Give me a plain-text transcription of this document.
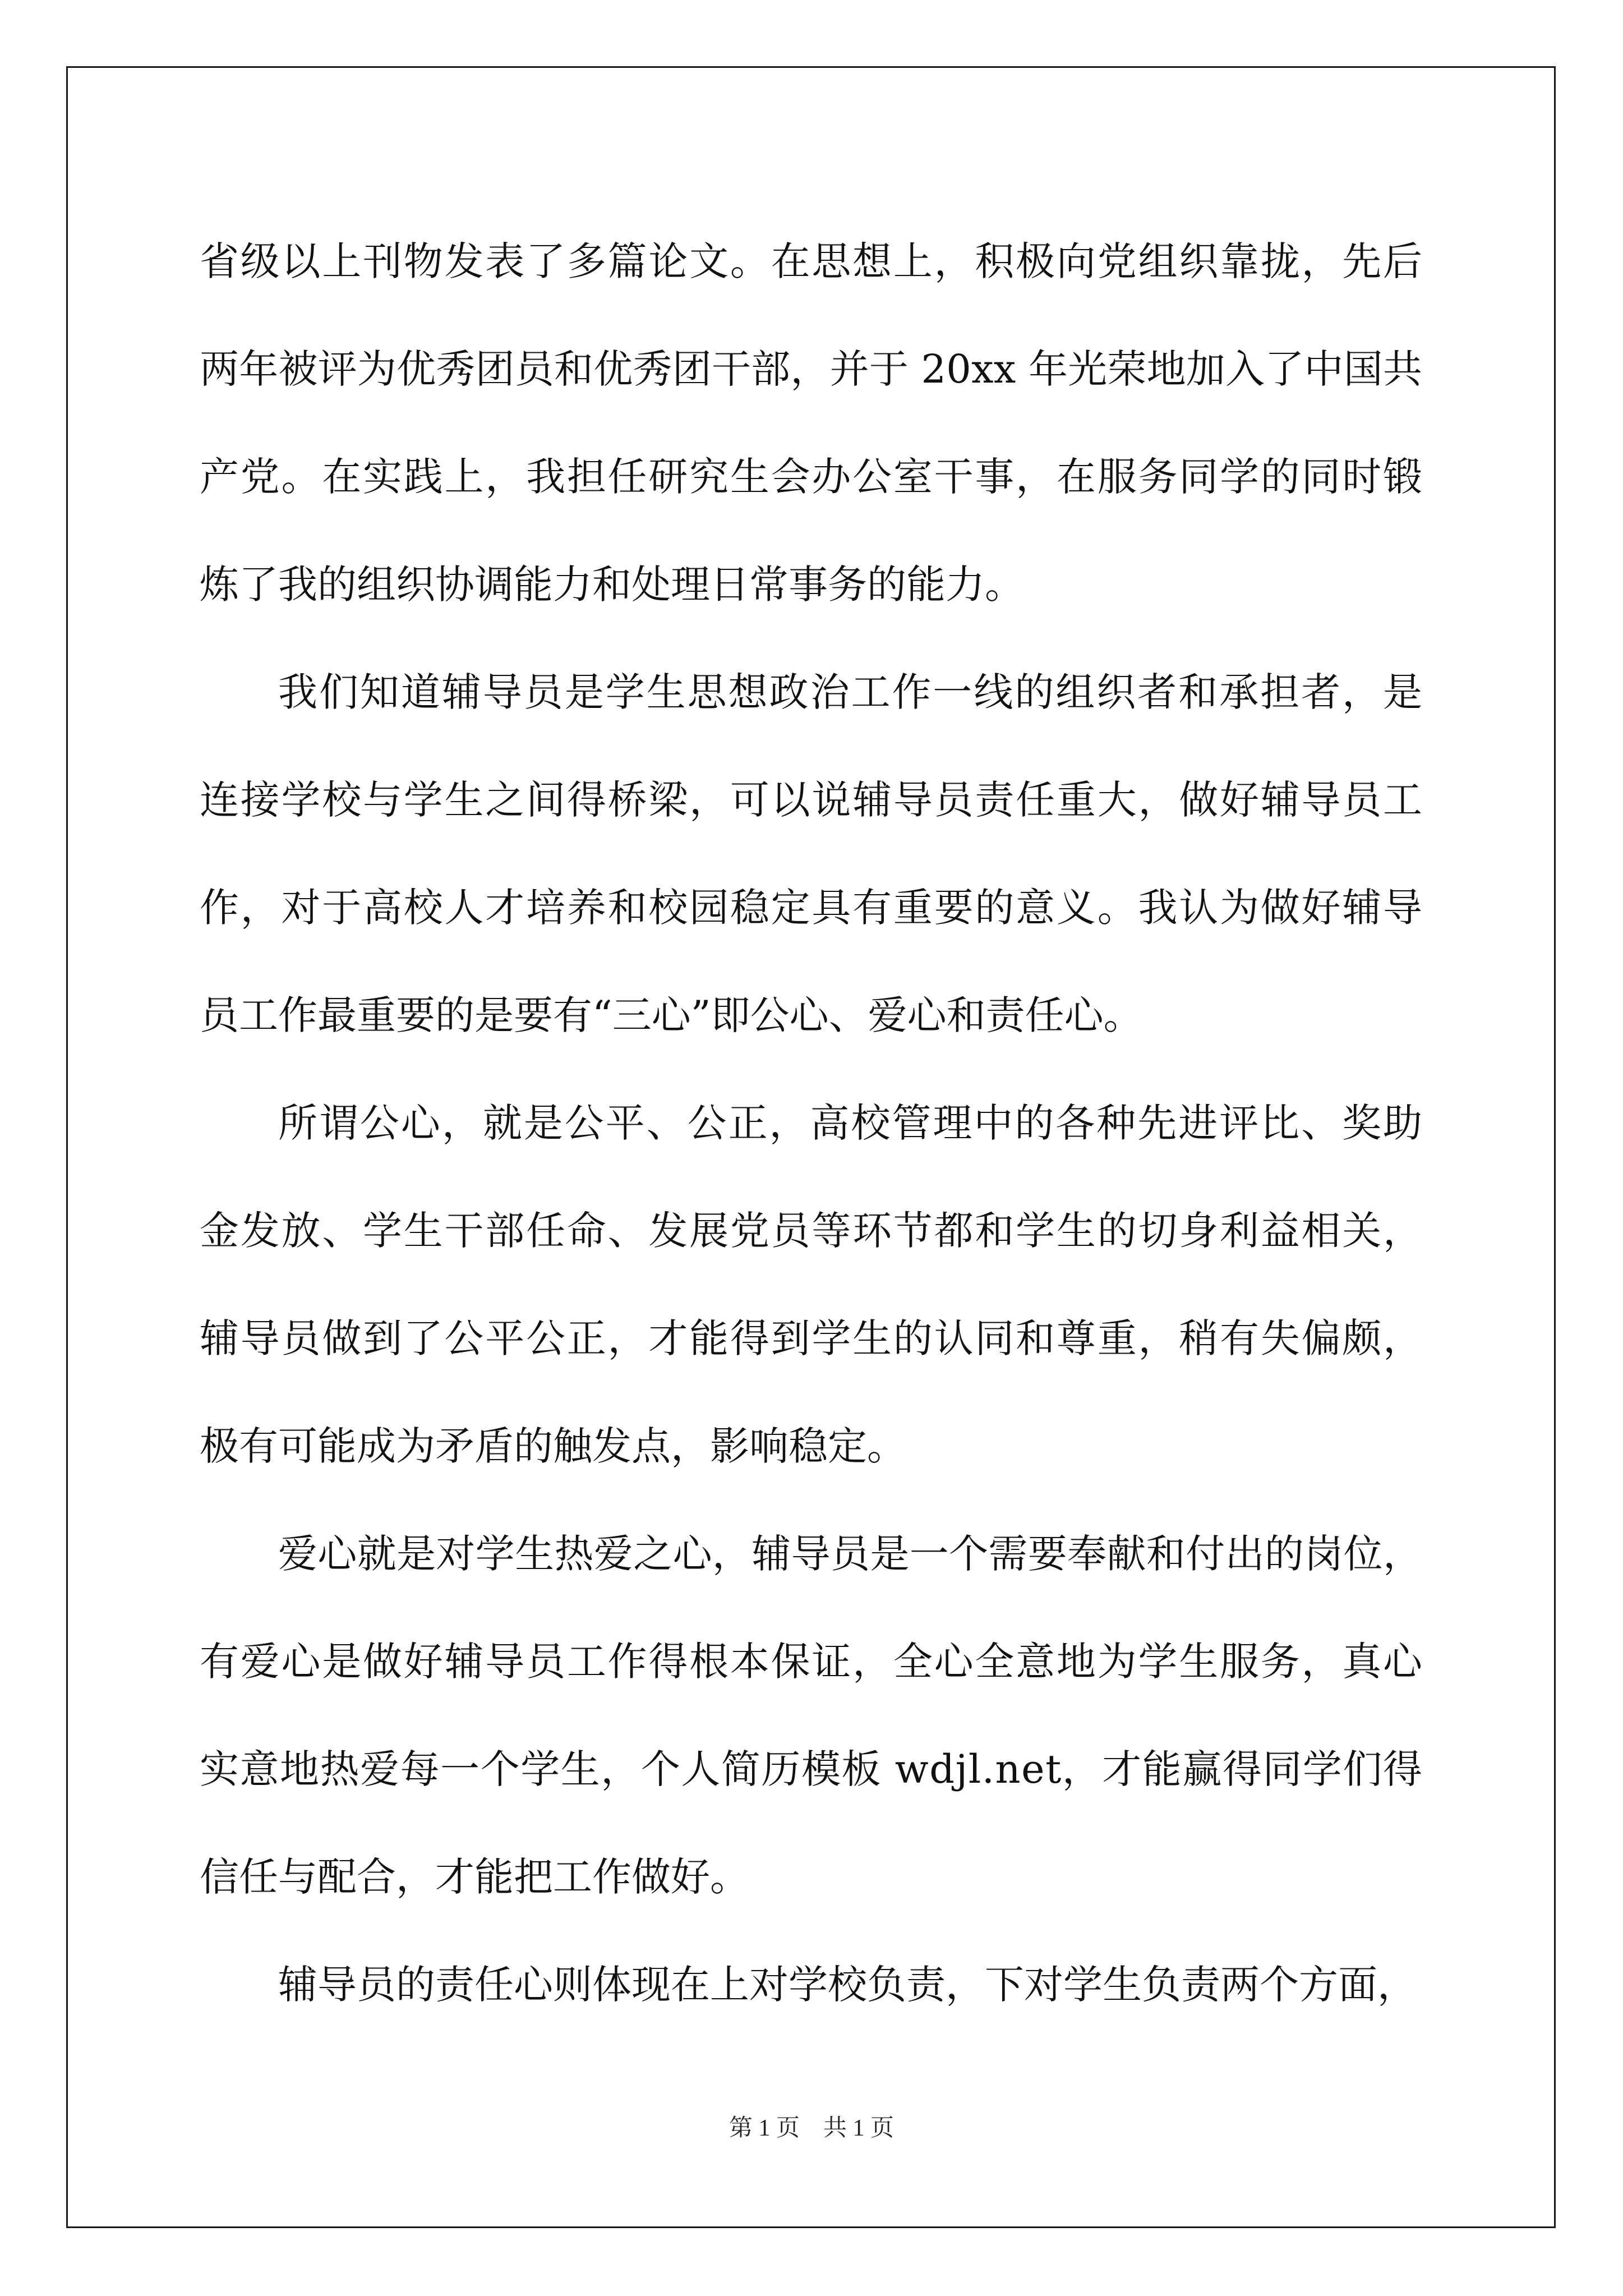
省级以上刊物发表了多篇论文。在思想上，积极向党组织靠拢，先后
两年被评为优秀团员和优秀团干部，并于 20xx 年光荣地加入了中国共
产党。在实践上，我担任研究生会办公室干事，在服务同学的同时锻
炼了我的组织协调能力和处理日常事务的能力。
我们知道辅导员是学生思想政治工作一线的组织者和承担者，是
连接学校与学生之间得桥梁，可以说辅导员责任重大，做好辅导员工
作，对于高校人才培养和校园稳定具有重要的意义。我认为做好辅导
员工作最重要的是要有“三心”即公心、爱心和责任心。
所谓公心，就是公平、公正，高校管理中的各种先进评比、奖助
金发放、学生干部任命、发展党员等环节都和学生的切身利益相关，
辅导员做到了公平公正，才能得到学生的认同和尊重，稍有失偏颇，
极有可能成为矛盾的触发点，影响稳定。
爱心就是对学生热爱之心，辅导员是一个需要奉献和付出的岗位，
有爱心是做好辅导员工作得根本保证，全心全意地为学生服务，真心
实意地热爱每一个学生，个人简历模板 wdjl.net，才能赢得同学们得
信任与配合，才能把工作做好。
辅导员的责任心则体现在上对学校负责，下对学生负责两个方面，
第 1 页　共 1 页
